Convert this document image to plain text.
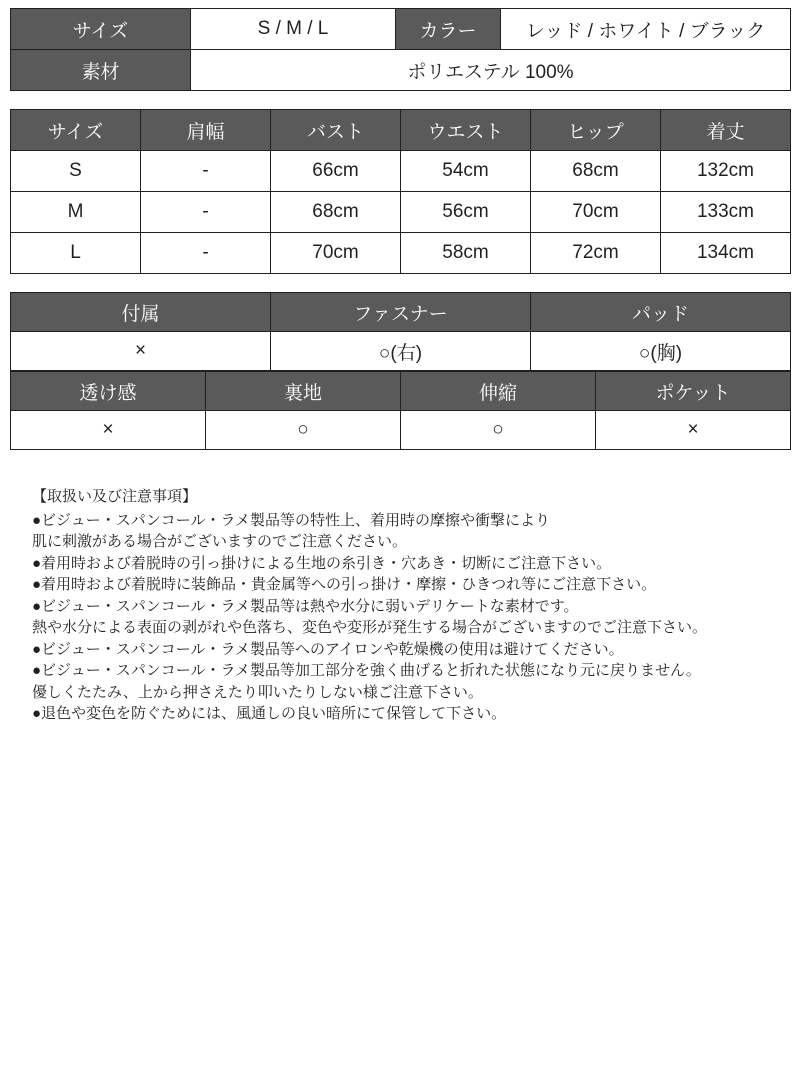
サイズ	S / M / L	カラー	レッド / ホワイト / ブラック
素材	ポリエステル 100%		
サイズ	肩幅	バスト	ウエスト	ヒップ	着丈
S	-	66cm	54cm	68cm	132cm
M	-	68cm	56cm	70cm	133cm
L	-	70cm	58cm	72cm	134cm
付属	ファスナー	パッド
×	○(右)	○(胸)
透け感	裏地	伸縮	ポケット
×	○	○	×

【取扱い及び注意事項】

●ビジュー・スパンコール・ラメ製品等の特性上、着用時の摩擦や衝撃により

肌に刺激がある場合がございますのでご注意ください。

●着用時および着脱時の引っ掛けによる生地の糸引き・穴あき・切断にご注意下さい。

●着用時および着脱時に装飾品・貴金属等への引っ掛け・摩擦・ひきつれ等にご注意下さい。

●ビジュー・スパンコール・ラメ製品等は熱や水分に弱いデリケートな素材です。

熱や水分による表面の剥がれや色落ち、変色や変形が発生する場合がございますのでご注意下さい。

●ビジュー・スパンコール・ラメ製品等へのアイロンや乾燥機の使用は避けてください。

●ビジュー・スパンコール・ラメ製品等加工部分を強く曲げると折れた状態になり元に戻りません。

優しくたたみ、上から押さえたり叩いたりしない様ご注意下さい。

●退色や変色を防ぐためには、風通しの良い暗所にて保管して下さい。
